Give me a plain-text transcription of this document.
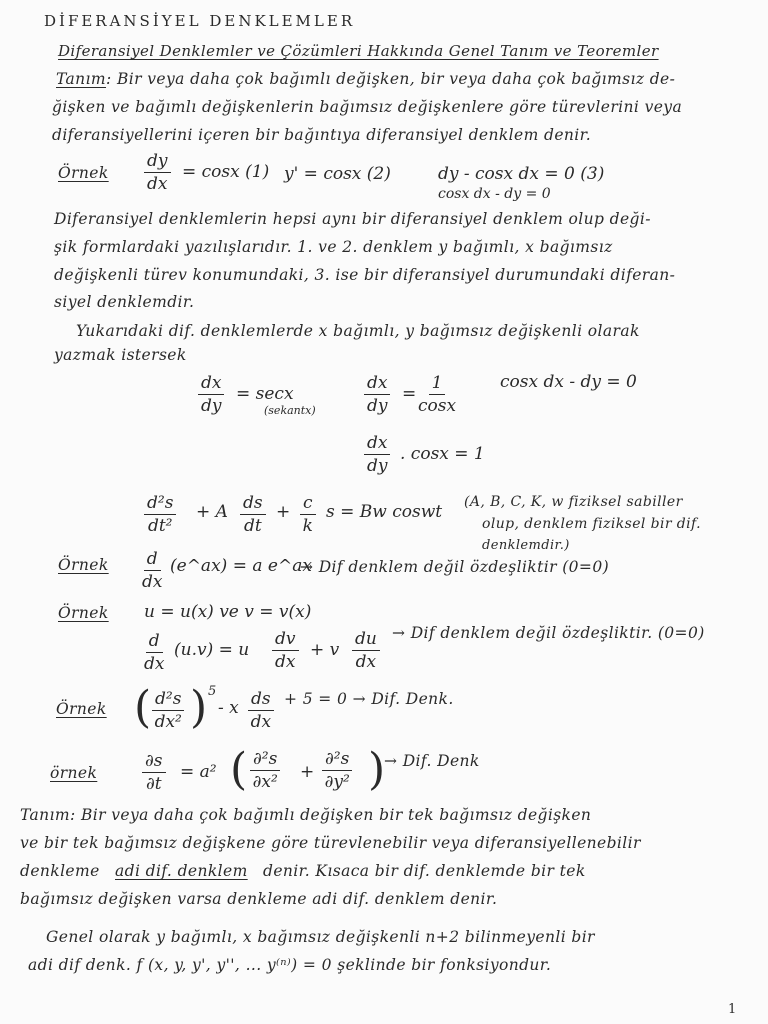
DİFERANSİYEL DENKLEMLER
Diferansiyel Denklemler ve Çözümleri Hakkında Genel Tanım ve Teoremler
Tanım: Bir veya daha çok bağımlı değişken, bir veya daha çok bağımsız de-
ğişken ve bağımlı değişkenlerin bağımsız değişkenlere göre türevlerini veya
diferansiyellerini içeren bir bağıntıya diferansiyel denklem denir.
Örnek $\frac{dy}{dx} = \cos x$ (1) y' = cosx (2)	dy - cosx dx = 0 (3)
cosx dx - dy = 0
Diferansiyel denklemlerin hepsi aynı bir diferansiyel denklem olup deği-
şik formlardaki yazılışlarıdır. 1. ve 2. denklem y bağımlı, x bağımsız
değişkenli türev konumundaki, 3. ise bir diferansiyel durumundaki diferan-
siyel denklemdir.
Yukarıdaki dif. denklemlerde x bağımlı, y bağımsız değişkenli olarak
yazmak istersek
$\frac{dx}{dy} = \sec x$
(sekantx)	$\frac{dx}{dy} = \frac{1}{\cos x}$	cosx dx - dy = 0
$\frac{dx}{dy}$ . cosx = 1
$\frac{\text{d²s}}{\text{dt²}} + A \frac{ds}{dt} + \frac{c}{k}$ s = Bw coswt (A, B, C, K, w fiziksel sabiller
olup, denklem fiziksel bir dif.
denklemdir.)
Örnek $\frac{d}{dx}$ (e^ax) = a e^ax
→ Dif denklem değil özdeşliktir (0=0)
Örnek u = u(x) ve v = v(x)
$\frac{d}{dx} (u.v) = u \frac{dv}{dx} + v \frac{du}{dx}$ → Dif denklem değil özdeşliktir. (0=0)
Örnek ( $\frac{\text{d²s}}{\text{dx²}}$ ) 5
- x $\frac{ds}{dx} + 5 = 0$ → Dif. Denk.
örnek	$\frac{\partial s}{\partial t} = a^2$ ( $\frac{\text{∂²s}}{\text{∂x²}} + \frac{\text{∂²s}}{\text{∂y²}}$ )
→ Dif. Denk
Tanım: Bir veya daha çok bağımlı değişken bir tek bağımsız değişken
ve bir tek bağımsız değişkene göre türevlenebilir veya diferansiyellenebilir
denkleme adi dif. denklem denir. Kısaca bir dif. denklemde bir tek
bağımsız değişken varsa denkleme adi dif. denklem denir.
Genel olarak y bağımlı, x bağımsız değişkenli n+2 bilinmeyenli bir
adi dif denk. f (x, y, y', y'', ... y⁽ⁿ⁾) = 0 şeklinde bir fonksiyondur.
1
